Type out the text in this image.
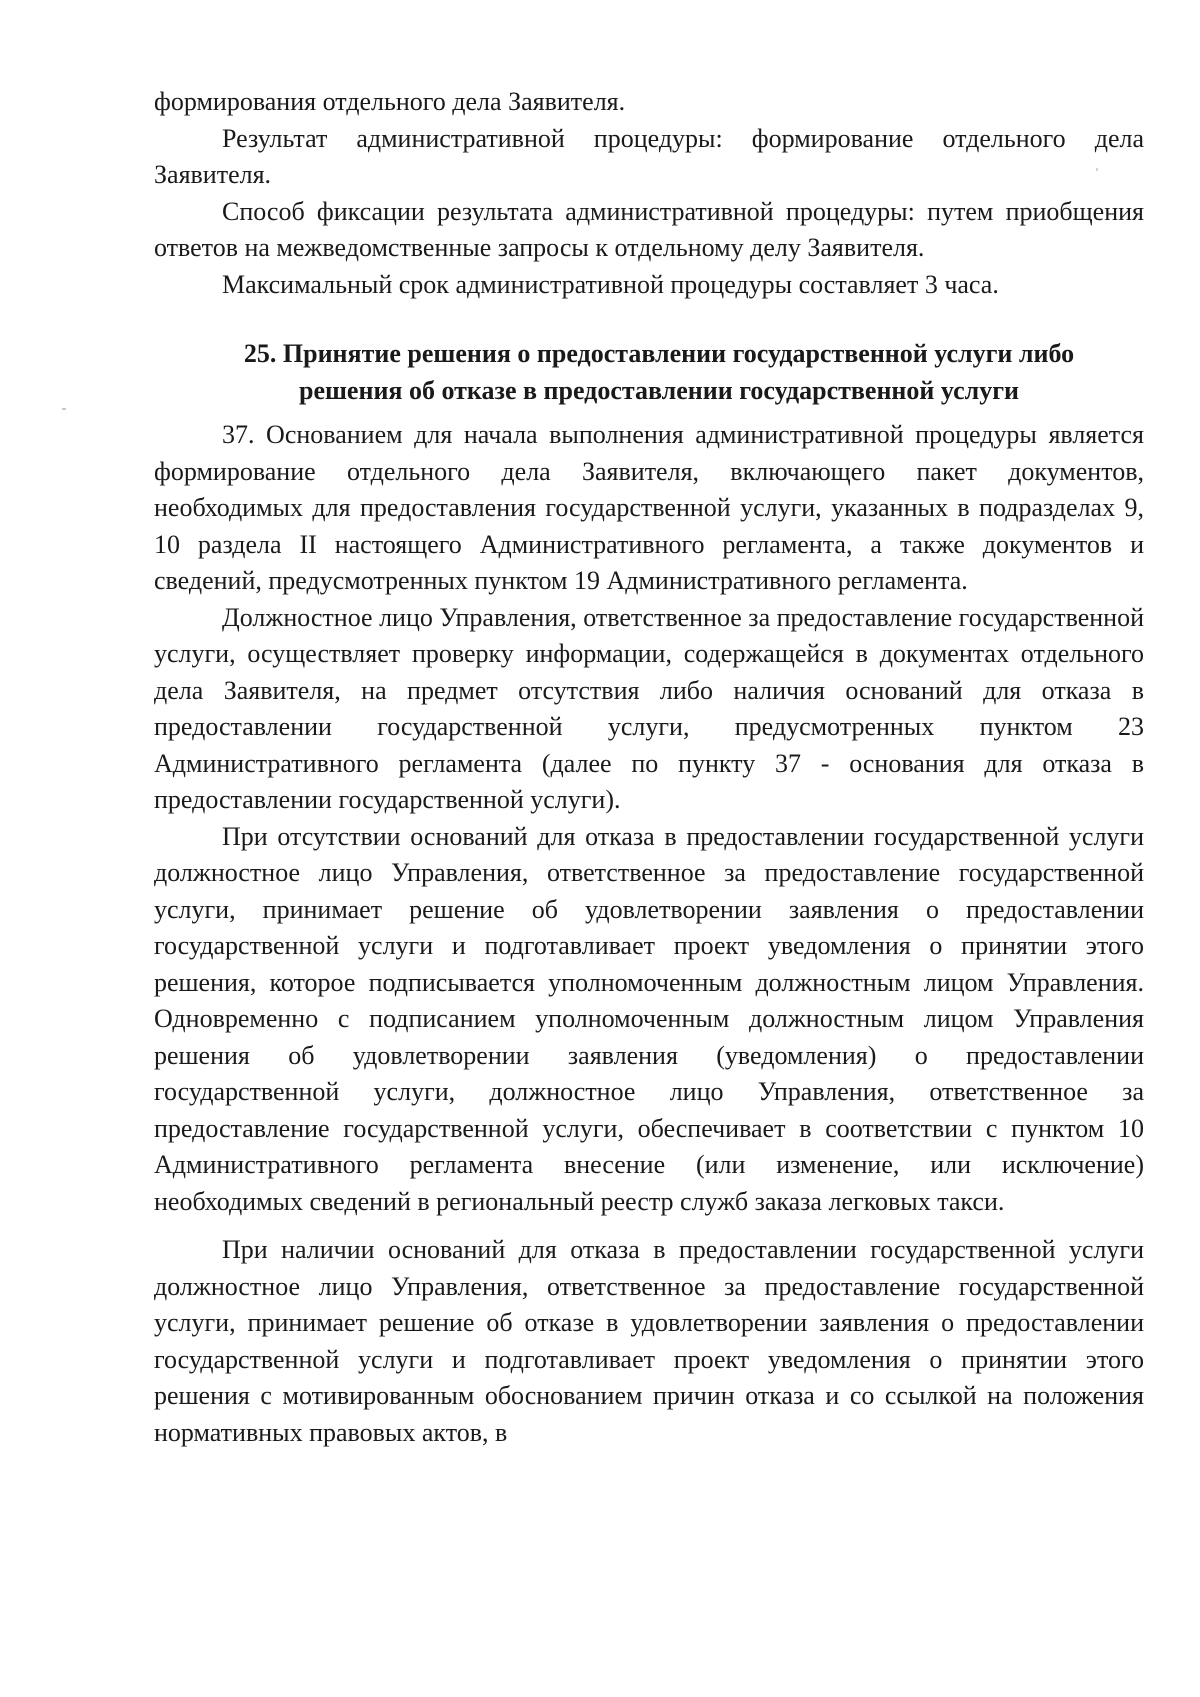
формирования отдельного дела Заявителя.

Результат административной процедуры: формирование отдельного дела Заявителя.

Способ фиксации результата административной процедуры: путем приобщения ответов на межведомственные запросы к отдельному делу Заявителя.

Максимальный срок административной процедуры составляет 3 часа.

25. Принятие решения о предоставлении государственной услуги либо
решения об отказе в предоставлении государственной услуги

37. Основанием для начала выполнения административной процедуры является формирование отдельного дела Заявителя, включающего пакет документов, необходимых для предоставления государственной услуги, указанных в подразделах 9, 10 раздела II настоящего Административного регламента, а также документов и сведений, предусмотренных пунктом 19 Административного регламента.

Должностное лицо Управления, ответственное за предоставление государственной услуги, осуществляет проверку информации, содержащейся в документах отдельного дела Заявителя, на предмет отсутствия либо наличия оснований для отказа в предоставлении государственной услуги, предусмотренных пунктом 23 Административного регламента (далее по пункту 37 - основания для отказа в предоставлении государственной услуги).

При отсутствии оснований для отказа в предоставлении государственной услуги должностное лицо Управления, ответственное за предоставление государственной услуги, принимает решение об удовлетворении заявления о предоставлении государственной услуги и подготавливает проект уведомления о принятии этого решения, которое подписывается уполномоченным должностным лицом Управления. Одновременно с подписанием уполномоченным должностным лицом Управления решения об удовлетворении заявления (уведомления) о предоставлении государственной услуги, должностное лицо Управления, ответственное за предоставление государственной услуги, обеспечивает в соответствии с пунктом 10 Административного регламента внесение (или изменение, или исключение) необходимых сведений в региональный реестр служб заказа легковых такси.

При наличии оснований для отказа в предоставлении государственной услуги должностное лицо Управления, ответственное за предоставление государственной услуги, принимает решение об отказе в удовлетворении заявления о предоставлении государственной услуги и подготавливает проект уведомления о принятии этого решения с мотивированным обоснованием причин отказа и со ссылкой на положения нормативных правовых актов, в
